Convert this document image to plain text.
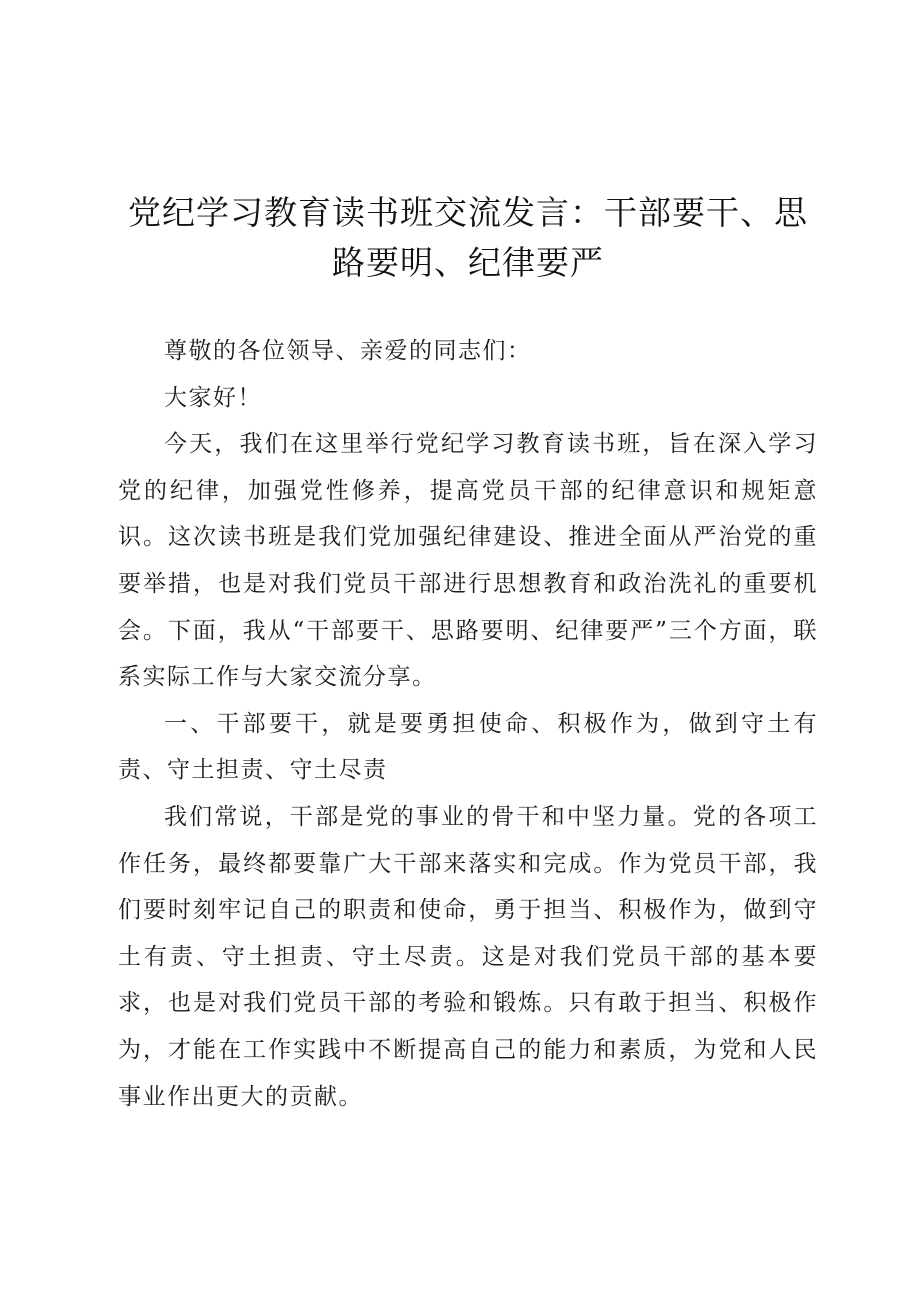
党纪学习教育读书班交流发言：干部要干、思
路要明、纪律要严

尊敬的各位领导、亲爱的同志们：

大家好！

今天，我们在这里举行党纪学习教育读书班，旨在深入学习党的纪律，加强党性修养，提高党员干部的纪律意识和规矩意识。这次读书班是我们党加强纪律建设、推进全面从严治党的重要举措，也是对我们党员干部进行思想教育和政治洗礼的重要机会。下面，我从“干部要干、思路要明、纪律要严”三个方面，联系实际工作与大家交流分享。

一、干部要干，就是要勇担使命、积极作为，做到守土有责、守土担责、守土尽责

我们常说，干部是党的事业的骨干和中坚力量。党的各项工作任务，最终都要靠广大干部来落实和完成。作为党员干部，我们要时刻牢记自己的职责和使命，勇于担当、积极作为，做到守土有责、守土担责、守土尽责。这是对我们党员干部的基本要求，也是对我们党员干部的考验和锻炼。只有敢于担当、积极作为，才能在工作实践中不断提高自己的能力和素质，为党和人民事业作出更大的贡献。
